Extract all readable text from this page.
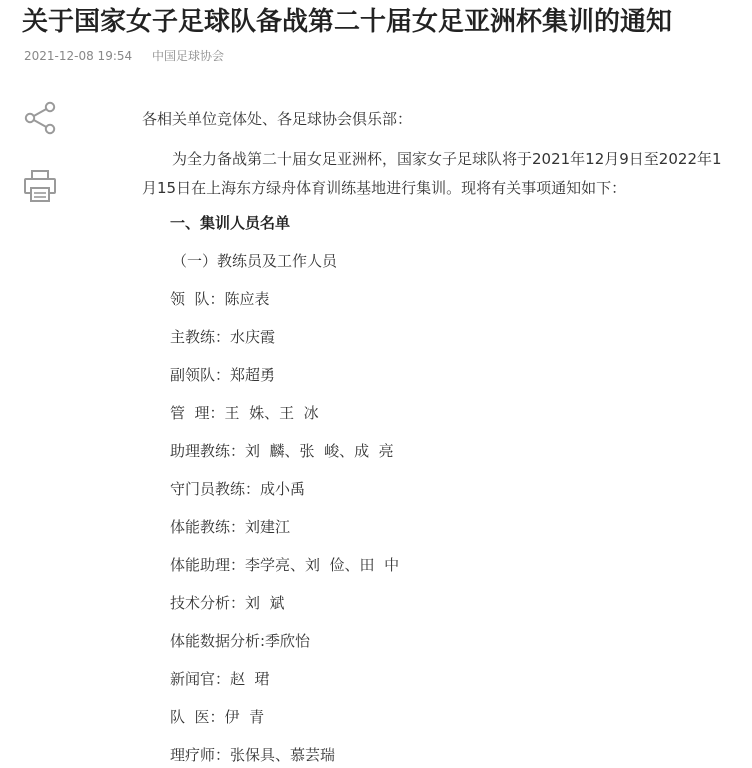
关于国家女子足球队备战第二十届女足亚洲杯集训的通知
2021-12-08 19:54 中国足球协会

各相关单位竞体处、各足球协会俱乐部：

为全力备战第二十届女足亚洲杯，国家女子足球队将于2021年12月9日至2022年1月15日在上海东方绿舟体育训练基地进行集训。现将有关事项通知如下：

一、集训人员名单

（一）教练员及工作人员

领  队：陈应表

主教练：水庆霞

副领队：郑超勇

管  理：王  姝、王  冰

助理教练：刘  麟、张  峻、成  亮

守门员教练：成小禹

体能教练：刘建江

体能助理：李学亮、刘  俭、田  中

技术分析：刘  斌

体能数据分析:季欣怡

新闻官：赵  珺

队  医：伊  青

理疗师：张保具、慕芸瑞
